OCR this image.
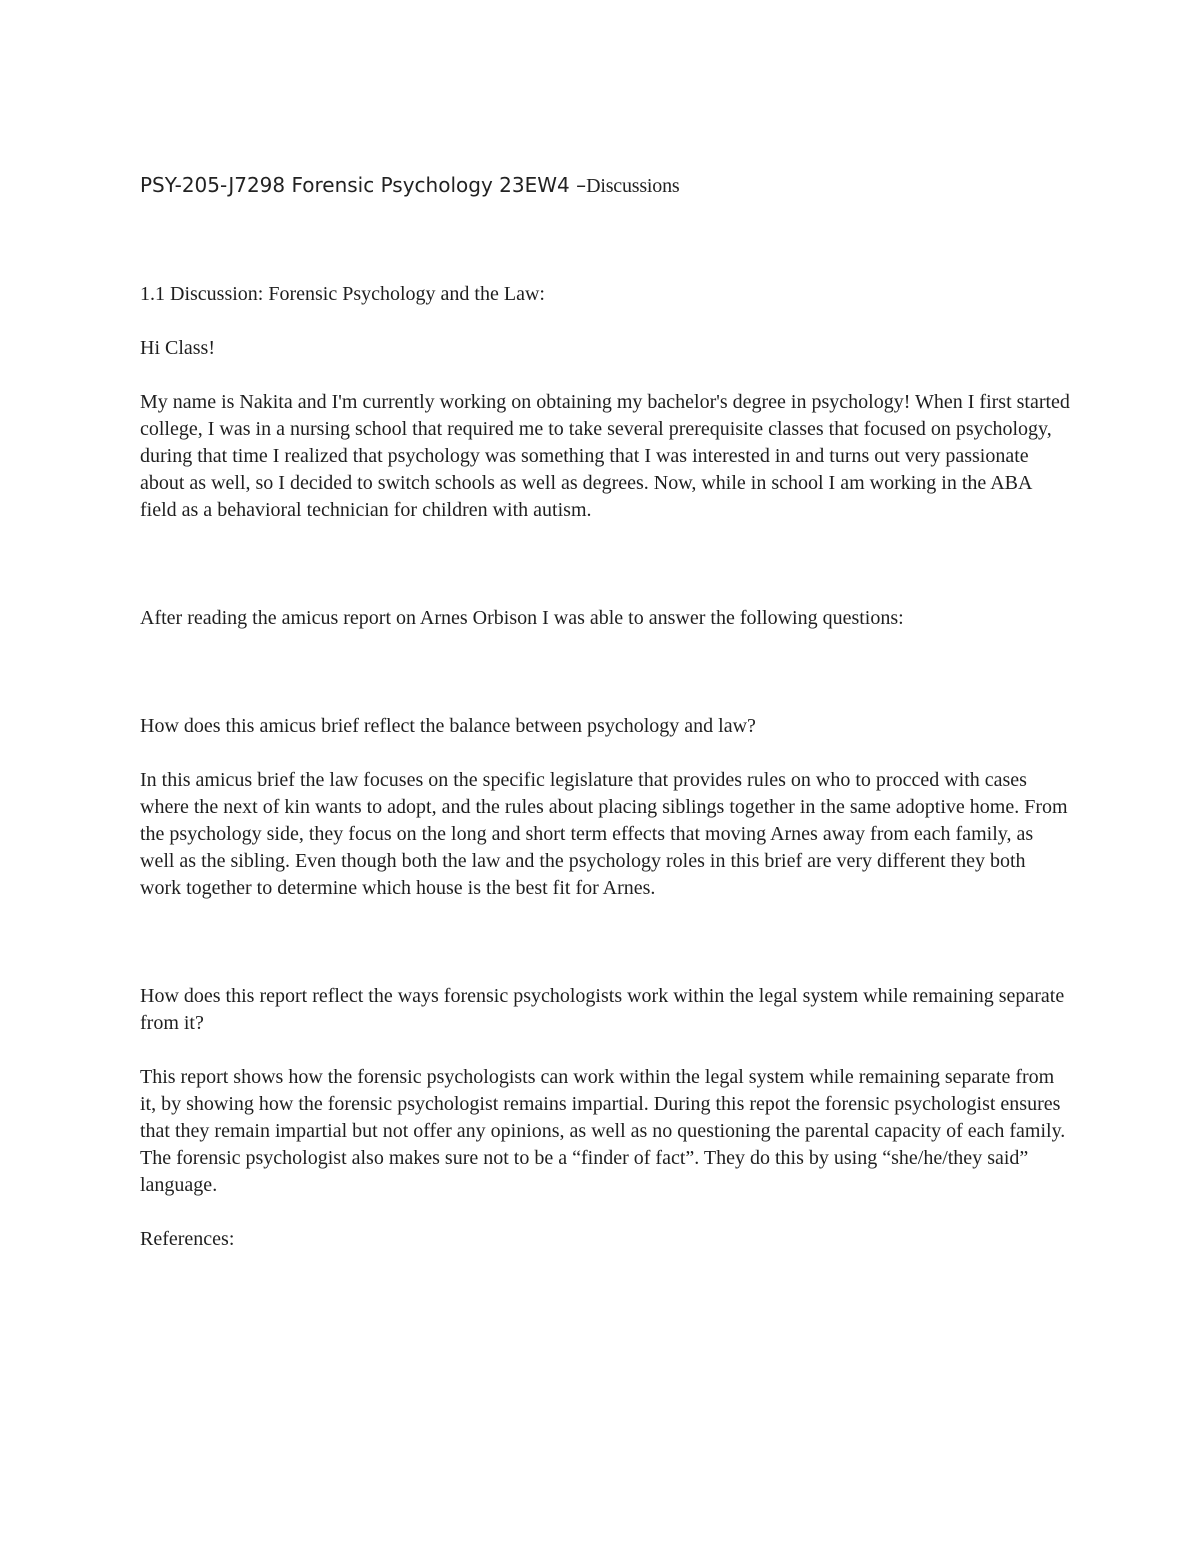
PSY-205-J7298 Forensic Psychology 23EW4 –Discussions

1.1 Discussion: Forensic Psychology and the Law:

Hi Class!

My name is Nakita and I'm currently working on obtaining my bachelor's degree in psychology! When I first started college, I was in a nursing school that required me to take several prerequisite classes that focused on psychology, during that time I realized that psychology was something that I was interested in and turns out very passionate about as well, so I decided to switch schools as well as degrees. Now, while in school I am working in the ABA field as a behavioral technician for children with autism.

After reading the amicus report on Arnes Orbison I was able to answer the following questions:

How does this amicus brief reflect the balance between psychology and law?

In this amicus brief the law focuses on the specific legislature that provides rules on who to procced with cases where the next of kin wants to adopt, and the rules about placing siblings together in the same adoptive home. From the psychology side, they focus on the long and short term effects that moving Arnes away from each family, as well as the sibling. Even though both the law and the psychology roles in this brief are very different they both work together to determine which house is the best fit for Arnes.

How does this report reflect the ways forensic psychologists work within the legal system while remaining separate from it?

This report shows how the forensic psychologists can work within the legal system while remaining separate from it, by showing how the forensic psychologist remains impartial. During this repot the forensic psychologist ensures that they remain impartial but not offer any opinions, as well as no questioning the parental capacity of each family. The forensic psychologist also makes sure not to be a “finder of fact”. They do this by using “she/he/they said” language.

References:
